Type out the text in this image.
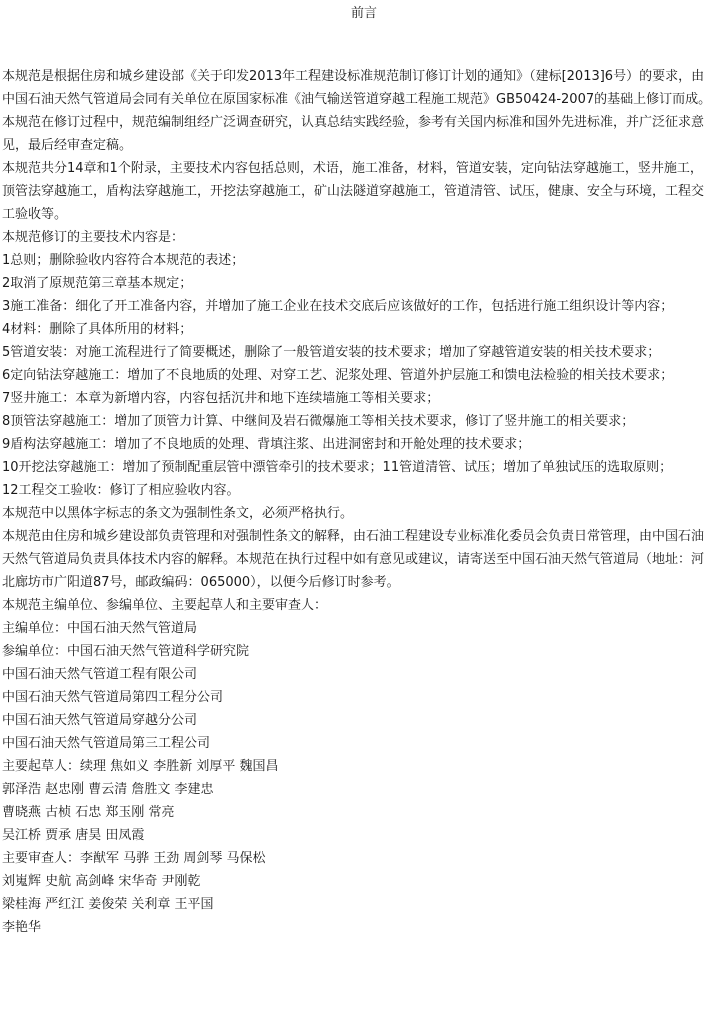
前言

本规范是根据住房和城乡建设部《关于印发2013年工程建设标准规范制订修订计划的通知》（建标[2013]6号）的要求，由中国石油天然气管道局会同有关单位在原国家标准《油气输送管道穿越工程施工规范》GB50424-2007的基础上修订而成。

本规范在修订过程中，规范编制组经广泛调查研究，认真总结实践经验，参考有关国内标准和国外先进标准，并广泛征求意见，最后经审查定稿。

本规范共分14章和1个附录，主要技术内容包括总则，术语，施工准备，材料，管道安装，定向钻法穿越施工，竖井施工，顶管法穿越施工，盾构法穿越施工，开挖法穿越施工，矿山法隧道穿越施工，管道清管、试压，健康、安全与环境，工程交工验收等。

本规范修订的主要技术内容是：

1总则；删除验收内容符合本规范的表述；

2取消了原规范第三章基本规定；

3施工准备：细化了开工准备内容，并增加了施工企业在技术交底后应该做好的工作，包括进行施工组织设计等内容；

4材料：删除了具体所用的材料；

5管道安装：对施工流程进行了简要概述，删除了一般管道安装的技术要求；增加了穿越管道安装的相关技术要求；

6定向钻法穿越施工：增加了不良地质的处理、对穿工艺、泥浆处理、管道外护层施工和馈电法检验的相关技术要求；

7竖井施工：本章为新增内容，内容包括沉井和地下连续墙施工等相关要求；

8顶管法穿越施工：增加了顶管力计算、中继间及岩石微爆施工等相关技术要求，修订了竖井施工的相关要求；

9盾构法穿越施工：增加了不良地质的处理、背填注浆、出进洞密封和开舱处理的技术要求；

10开挖法穿越施工：增加了预制配重层管中漂管牵引的技术要求；11管道清管、试压；增加了单独试压的选取原则；

12工程交工验收：修订了相应验收内容。

本规范中以黑体字标志的条文为强制性条文，必须严格执行。

本规范由住房和城乡建设部负责管理和对强制性条文的解释，由石油工程建设专业标准化委员会负责日常管理，由中国石油天然气管道局负责具体技术内容的解释。本规范在执行过程中如有意见或建议，请寄送至中国石油天然气管道局（地址：河北廊坊市广阳道87号，邮政编码：065000），以便今后修订时参考。

本规范主编单位、参编单位、主要起草人和主要审查人：

主编单位：中国石油天然气管道局

参编单位：中国石油天然气管道科学研究院

中国石油天然气管道工程有限公司

中国石油天然气管道局第四工程分公司

中国石油天然气管道局穿越分公司

中国石油天然气管道局第三工程公司

主要起草人：续理 焦如义 李胜新 刘厚平 魏国昌

郭泽浩 赵忠刚 曹云清 詹胜文 李建忠

曹晓燕 古桢 石忠 郑玉刚 常亮

吴江桥 贾承 唐昊 田凤霞

主要审查人：李猷军 马骅 王劲 周剑琴 马保松

刘嵬辉 史航 高剑峰 宋华奇 尹刚乾

梁桂海 严红江 姜俊荣 关利章 王平国

李艳华
